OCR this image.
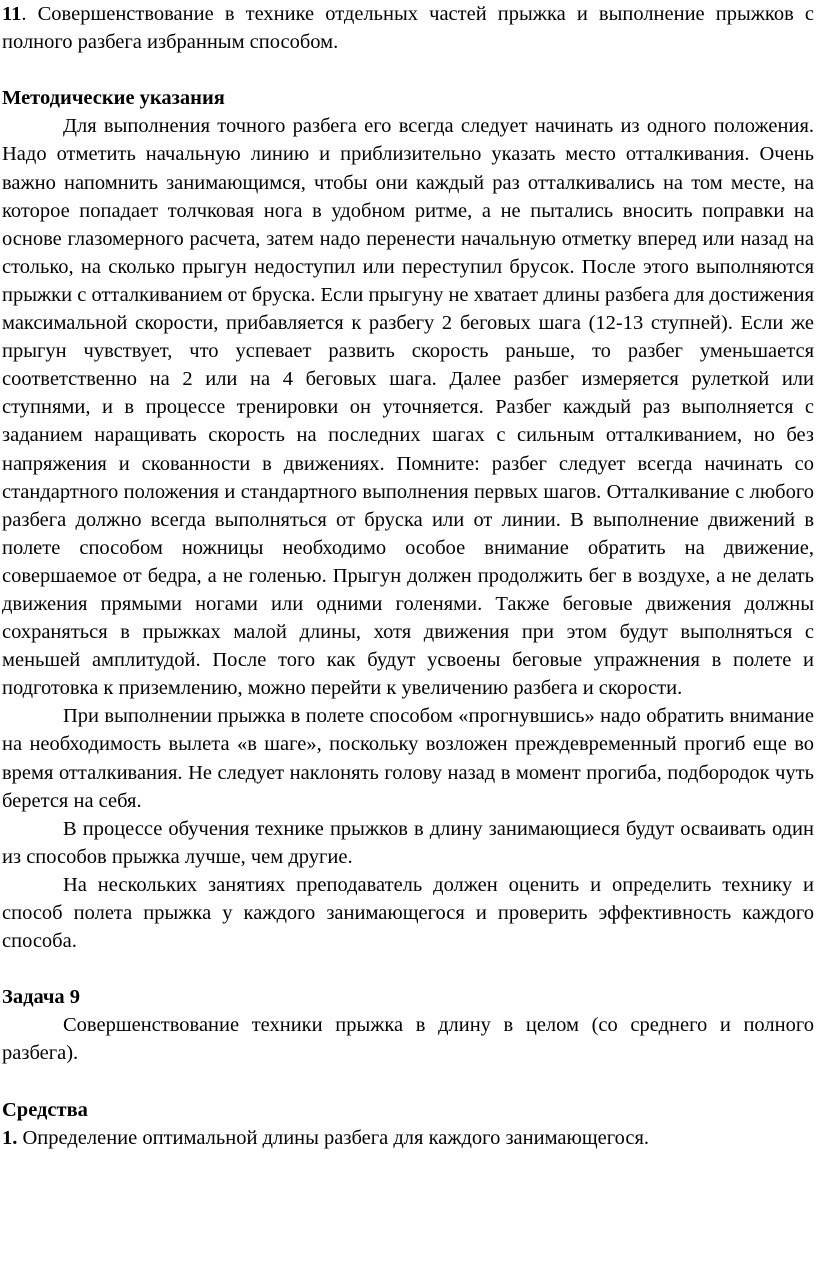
11. Совершенствование в технике отдельных частей прыжка и выполнение прыжков с полного разбега избранным способом.

Методические указания

Для выполнения точного разбега его всегда следует начинать из одного положения. Надо отметить начальную линию и приблизительно указать место отталкивания. Очень важно напомнить занимающимся, чтобы они каждый раз отталкивались на том месте, на которое попадает толчковая нога в удобном ритме, а не пытались вносить поправки на основе глазомерного расчета, затем надо перенести начальную отметку вперед или назад на столько, на сколько прыгун недоступил или переступил брусок. После этого выполняются прыжки с отталкиванием от бруска. Если прыгуну не хватает длины разбега для достижения максимальной скорости, прибавляется к разбегу 2 беговых шага (12-13 ступней). Если же прыгун чувствует, что успевает развить скорость раньше, то разбег уменьшается соответственно на 2 или на 4 беговых шага. Далее разбег измеряется рулеткой или ступнями, и в процессе тренировки он уточняется. Разбег каждый раз выполняется с заданием наращивать скорость на последних шагах с сильным отталкиванием, но без напряжения и скованности в движениях. Помните: разбег следует всегда начинать со стандартного положения и стандартного выполнения первых шагов. Отталкивание с любого разбега должно всегда выполняться от бруска или от линии. В выполнение движений в полете способом ножницы необходимо особое внимание обратить на движение, совершаемое от бедра, а не голенью. Прыгун должен продолжить бег в воздухе, а не делать движения прямыми ногами или одними голенями. Также беговые движения должны сохраняться в прыжках малой длины, хотя движения при этом будут выполняться с меньшей амплитудой. После того как будут усвоены беговые упражнения в полете и подготовка к приземлению, можно перейти к увеличению разбега и скорости.

При выполнении прыжка в полете способом «прогнувшись» надо обратить внимание на необходимость вылета «в шаге», поскольку возложен преждевременный прогиб еще во время отталкивания. Не следует наклонять голову назад в момент прогиба, подбородок чуть берется на себя.

В процессе обучения технике прыжков в длину занимающиеся будут осваивать один из способов прыжка лучше, чем другие.

На нескольких занятиях преподаватель должен оценить и определить технику и способ полета прыжка у каждого занимающегося и проверить эффективность каждого способа.

Задача 9

Совершенствование техники прыжка в длину в целом (со среднего и полного разбега).

Средства

1. Определение оптимальной длины разбега для каждого занимающегося.
